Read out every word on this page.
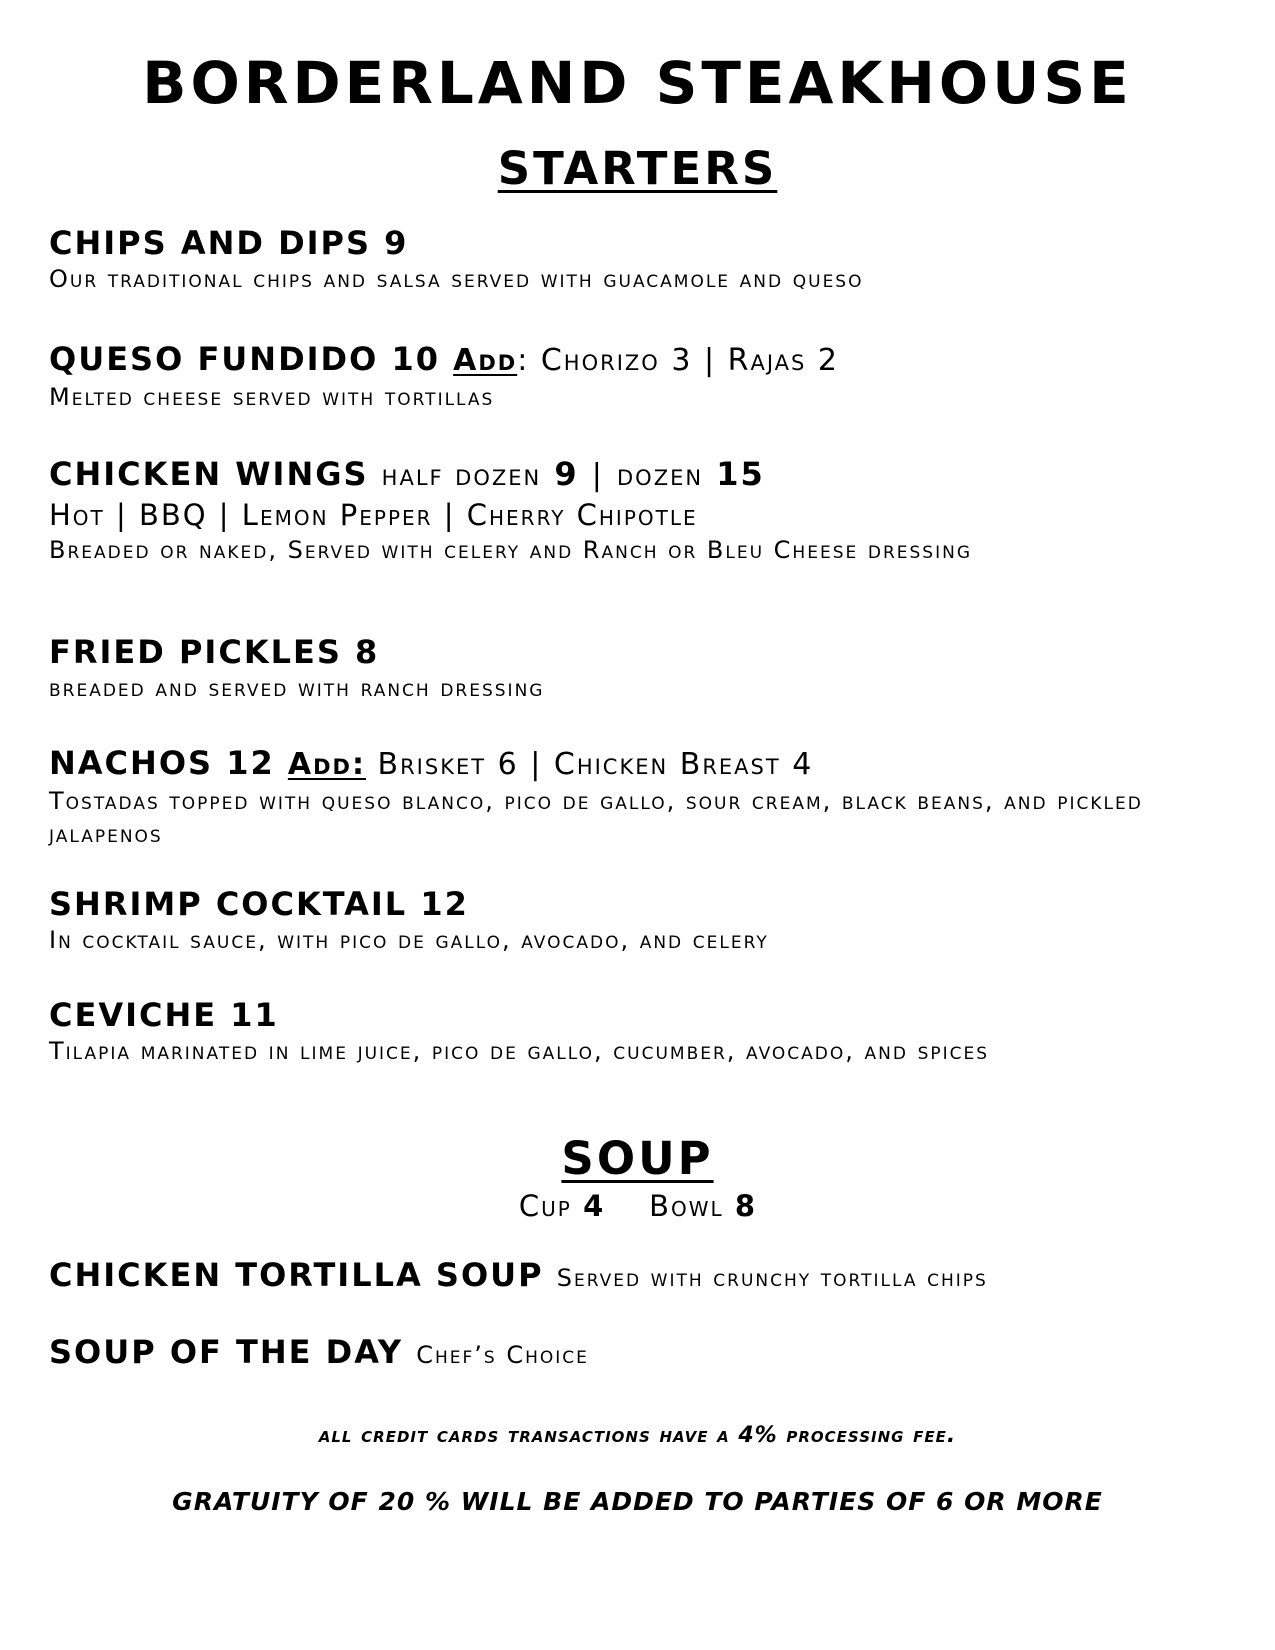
BORDERLAND STEAKHOUSE
STARTERS
CHIPS AND DIPS 9
Our traditional chips and salsa served with guacamole and queso
QUESO FUNDIDO 10 Add: Chorizo 3 | Rajas 2
Melted cheese served with tortillas
CHICKEN WINGS half dozen 9 | dozen 15
Hot | BBQ | Lemon Pepper | Cherry Chipotle
Breaded or naked, Served with celery and Ranch or Bleu Cheese dressing
FRIED PICKLES 8
breaded and served with ranch dressing
NACHOS 12 Add: Brisket 6 | Chicken Breast 4
Tostadas topped with queso blanco, pico de gallo, sour cream, black beans, and pickled jalapenos
SHRIMP COCKTAIL 12
In cocktail sauce, with pico de gallo, avocado, and celery
CEVICHE 11
Tilapia marinated in lime juice, pico de gallo, cucumber, avocado, and spices
SOUP
Cup 4 Bowl 8
CHICKEN TORTILLA SOUP Served with crunchy tortilla chips
SOUP OF THE DAY Chef’s Choice
all credit cards transactions have a 4% processing fee.
GRATUITY OF 20 % WILL BE ADDED TO PARTIES OF 6 OR MORE
